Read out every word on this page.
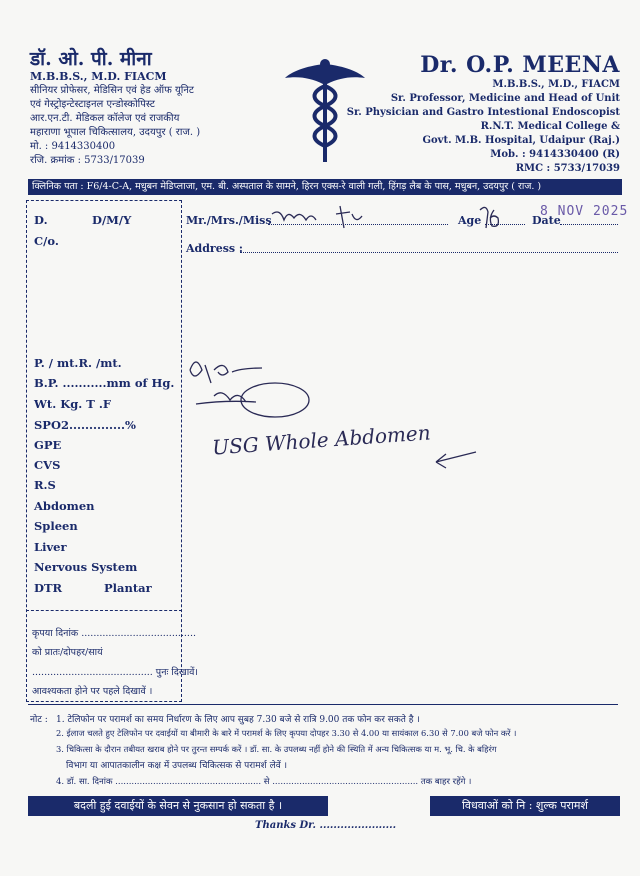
डॉ. ओ. पी. मीना
M.B.B.S., M.D. FIACM
सीनियर प्रोफेसर, मेडिसिन एवं हेड ऑफ यूनिट
एवं गेस्ट्रोइन्टेस्टाइनल एन्डोस्कोपिस्ट
आर.एन.टी. मेडिकल कॉलेज एवं राजकीय
महाराणा भूपाल चिकित्सालय, उदयपुर ( राज. )
मो. : 9414330400
रजि. क्रमांक : 5733/17039
Dr. O.P. MEENA
M.B.B.S., M.D., FIACM
Sr. Professor, Medicine and Head of Unit
Sr. Physician and Gastro Intestional Endoscopist
R.N.T. Medical College &
Govt. M.B. Hospital, Udaipur (Raj.)
Mob. : 9414330400 (R)
RMC : 5733/17039
क्लिनिक पता : F6/4-C-A, मधुबन मेडिप्लाजा, एम. बी. अस्पताल के सामने, हिरन एक्स-रे वाली गली, हिंगड़ लैब के पास, मधुबन, उदयपुर ( राज. )
Mr./Mrs./Miss	Age	Date
8 NOV 2025
Address :
D.	D/M/Y
C/o.
P. / mt.R. /mt.
B.P. ...........mm of Hg.
Wt. Kg. T .F
SPO2..............%
GPE
CVS
R.S
Abdomen
Spleen
Liver
Nervous System
DTR	Plantar
कृपया दिनांक ......................................
को प्रातः/दोपहर/सायं
........................................ पुनः दिखावें।
आवश्यकता होने पर पहले दिखावें ।
USG Whole Abdomen
नोट : 1. टेलिफोन पर परामर्श का समय निर्धारण के लिए आप सुबह 7.30 बजे से रात्रि 9.00 तक फोन कर सकते है ।
2. ईलाज चलते हुए टेलिफोन पर दवाईयों या बीमारी के बारे में परामर्श के लिए कृपया दोपहर 3.30 से 4.00 या सायंकाल 6.30 से 7.00 बजे फोन करें ।
3. चिकित्सा के दौरान तबीयत खराब होने पर तुरन्त सम्पर्क करें । डॉ. सा. के उपलब्ध नहीं होने की स्थिति में अन्य चिकित्सक या म. भू. चि. के बहिरंग
विभाग या आपातकालीन कक्ष में उपलब्ध चिकित्सक से परामर्श लेवें ।
4. डॉ. सा. दिनांक ...................................................... से ...................................................... तक बाहर रहेंगे ।
बदली हुई दवाईयों के सेवन से नुकसान हो सकता है ।	विधवाओं को नि : शुल्क परामर्श
Thanks Dr. ......................
